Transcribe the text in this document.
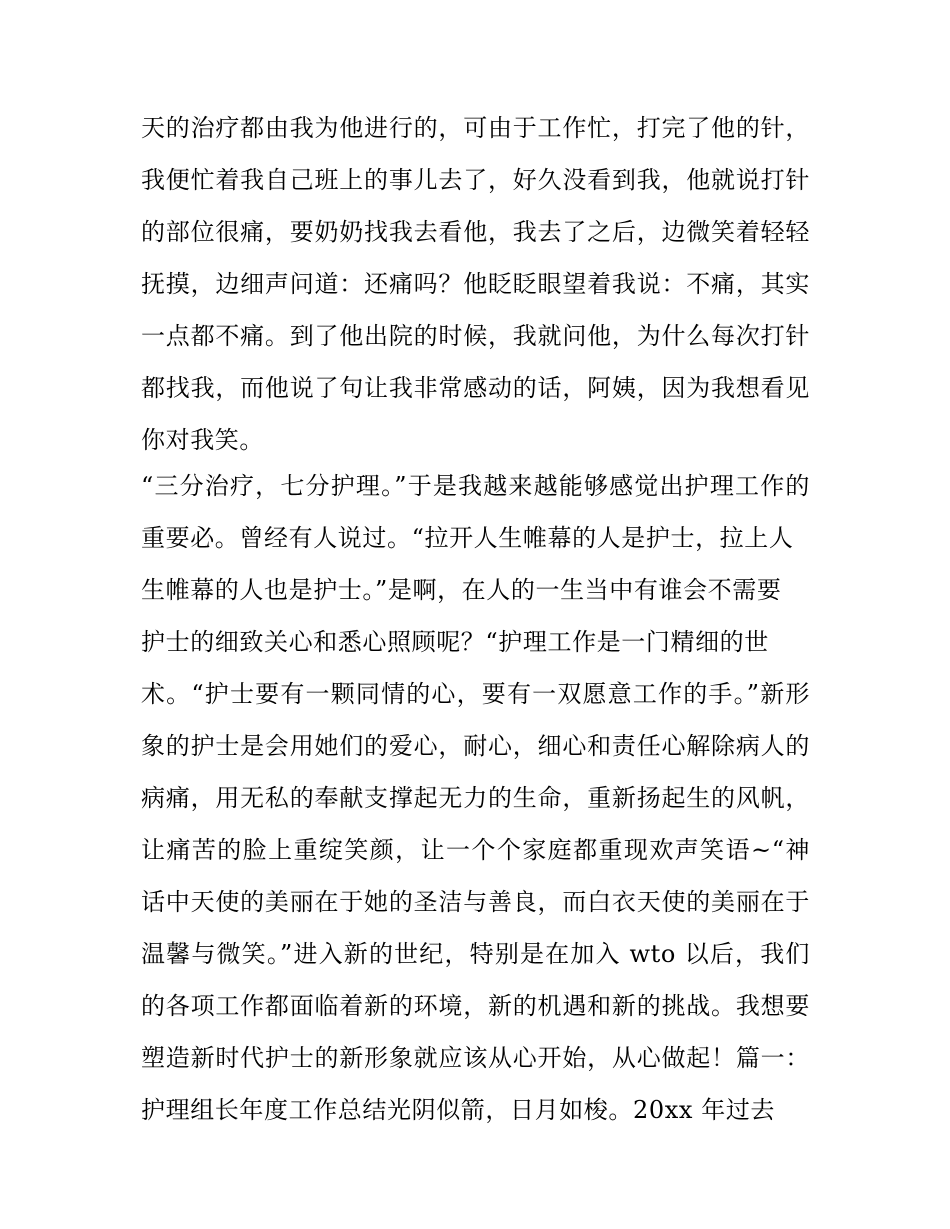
天的治疗都由我为他进行的，可由于工作忙，打完了他的针，
我便忙着我自己班上的事儿去了，好久没看到我，他就说打针
的部位很痛，要奶奶找我去看他，我去了之后，边微笑着轻轻
抚摸，边细声问道：还痛吗？他眨眨眼望着我说：不痛，其实
一点都不痛。到了他出院的时候，我就问他，为什么每次打针
都找我，而他说了句让我非常感动的话，阿姨，因为我想看见
你对我笑。
“三分治疗，七分护理。”于是我越来越能够感觉出护理工作的
重要必。曾经有人说过。“拉开人生帷幕的人是护士，拉上人
生帷幕的人也是护士。”是啊，在人的一生当中有谁会不需要
护士的细致关心和悉心照顾呢？“护理工作是一门精细的世
术。“护士要有一颗同情的心，要有一双愿意工作的手。”新形
象的护士是会用她们的爱心，耐心，细心和责任心解除病人的
病痛，用无私的奉献支撑起无力的生命，重新扬起生的风帆，
让痛苦的脸上重绽笑颜，让一个个家庭都重现欢声笑语~“神
话中天使的美丽在于她的圣洁与善良，而白衣天使的美丽在于
温馨与微笑。”进入新的世纪，特别是在加入 wto 以后，我们
的各项工作都面临着新的环境，新的机遇和新的挑战。我想要
塑造新时代护士的新形象就应该从心开始，从心做起！篇一：
护理组长年度工作总结光阴似箭，日月如梭。20xx 年过去
